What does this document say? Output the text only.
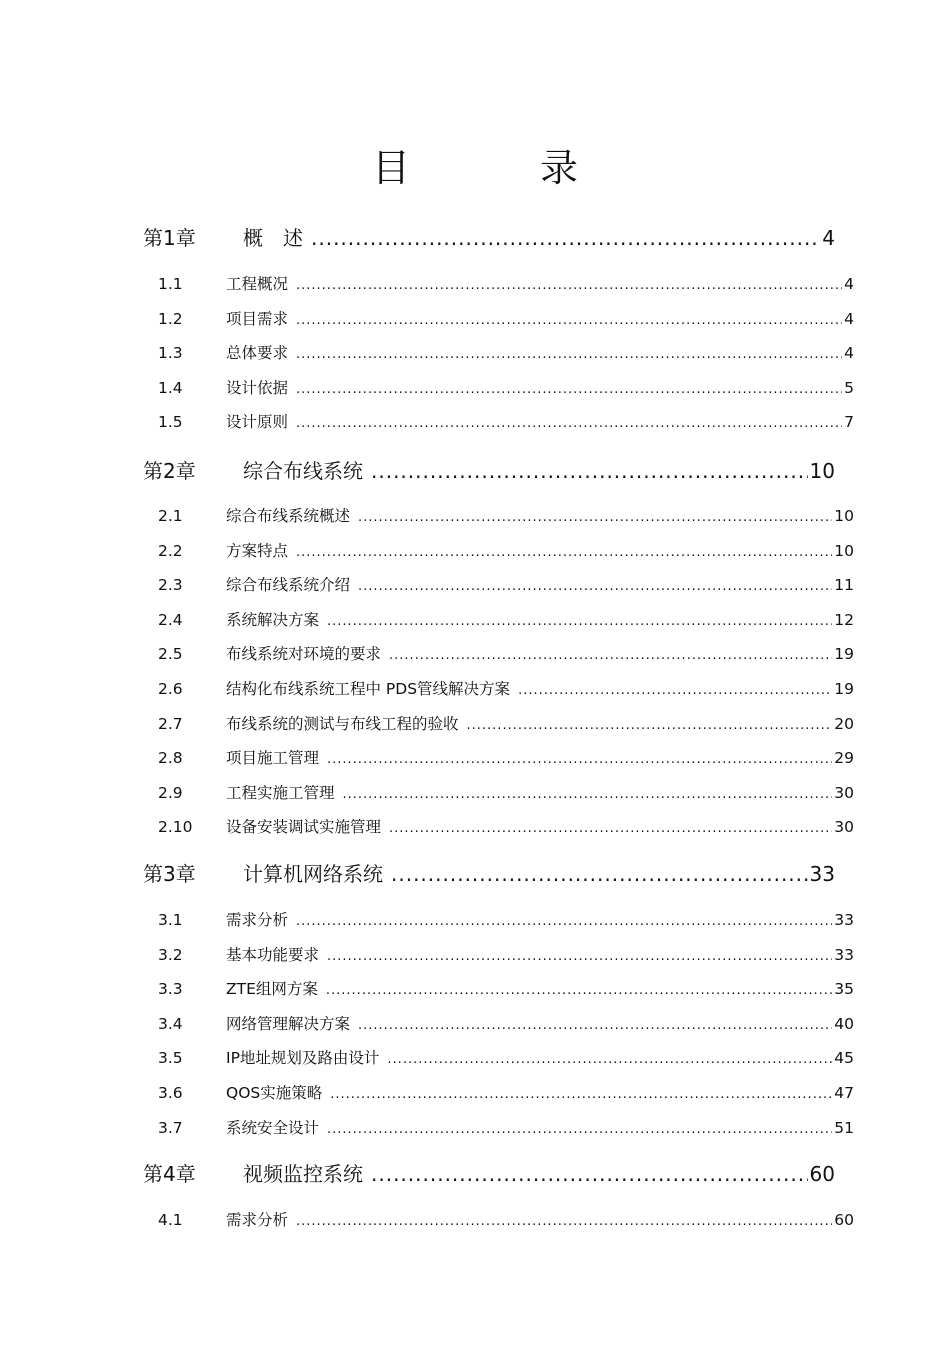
目　录
第1章	概　述 .....	4
1.1	工程概况 .....	4
1.2	项目需求 .....	4
1.3	总体要求 .....	4
1.4	设计依据 .....	5
1.5	设计原则 .....	7
第2章	综合布线系统 .....	10
2.1	综合布线系统概述 .....	10
2.2	方案特点 .....	10
2.3	综合布线系统介绍 .....	11
2.4	系统解决方案 .....	12
2.5	布线系统对环境的要求 .....	19
2.6	结构化布线系统工程中 PDS管线解决方案 .....	19
2.7	布线系统的测试与布线工程的验收 .....	20
2.8	项目施工管理 .....	29
2.9	工程实施工管理 .....	30
2.10	设备安装调试实施管理 .....	30
第3章	计算机网络系统 .....	33
3.1	需求分析 .....	33
3.2	基本功能要求 .....	33
3.3	ZTE组网方案 .....	35
3.4	网络管理解决方案 .....	40
3.5	IP地址规划及路由设计 .....	45
3.6	QOS实施策略 .....	47
3.7	系统安全设计 .....	51
第4章	视频监控系统 .....	60
4.1	需求分析 .....	60
